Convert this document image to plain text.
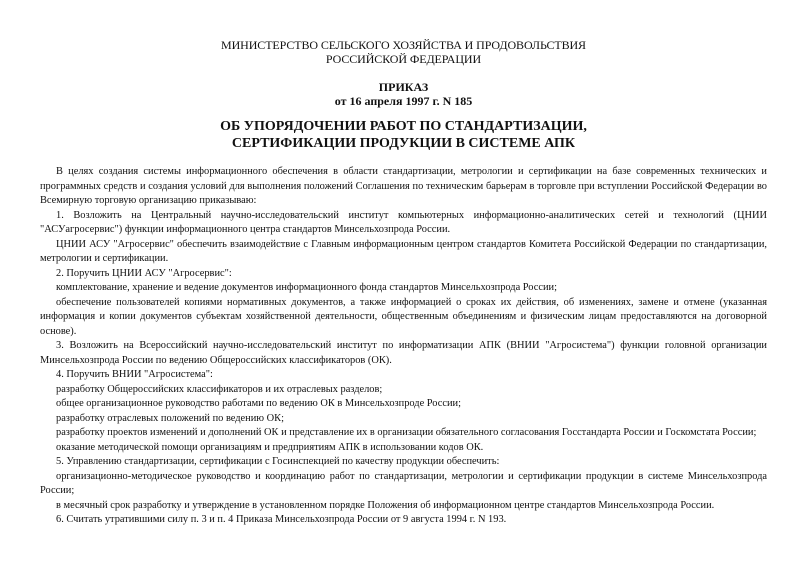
МИНИСТЕРСТВО СЕЛЬСКОГО ХОЗЯЙСТВА И ПРОДОВОЛЬСТВИЯ
РОССИЙСКОЙ ФЕДЕРАЦИИ
ПРИКАЗ
от 16 апреля 1997 г. N 185
ОБ УПОРЯДОЧЕНИИ РАБОТ ПО СТАНДАРТИЗАЦИИ,
СЕРТИФИКАЦИИ ПРОДУКЦИИ В СИСТЕМЕ АПК

В целях создания системы информационного обеспечения в области стандартизации, метрологии и сертификации на базе современных технических и программных средств и создания условий для выполнения положений Соглашения по техническим барьерам в торговле при вступлении Российской Федерации во Всемирную торговую организацию приказываю:

1. Возложить на Центральный научно-исследовательский институт компьютерных информационно-аналитических сетей и технологий (ЦНИИ "АСУагросервис") функции информационного центра стандартов Минсельхозпрода России.

ЦНИИ АСУ "Агросервис" обеспечить взаимодействие с Главным информационным центром стандартов Комитета Российской Федерации по стандартизации, метрологии и сертификации.

2. Поручить ЦНИИ АСУ "Агросервис":

комплектование, хранение и ведение документов информационного фонда стандартов Минсельхозпрода России;

обеспечение пользователей копиями нормативных документов, а также информацией о сроках их действия, об изменениях, замене и отмене (указанная информация и копии документов субъектам хозяйственной деятельности, общественным объединениям и физическим лицам предоставляются на договорной основе).

3. Возложить на Всероссийский научно-исследовательский институт по информатизации АПК (ВНИИ "Агросистема") функции головной организации Минсельхозпрода России по ведению Общероссийских классификаторов (ОК).

4. Поручить ВНИИ "Агросистема":

разработку Общероссийских классификаторов и их отраслевых разделов;

общее организационное руководство работами по ведению ОК в Минсельхозпроде России;

разработку отраслевых положений по ведению ОК;

разработку проектов изменений и дополнений ОК и представление их в организации обязательного согласования Госстандарта России и Госкомстата России;

оказание методической помощи организациям и предприятиям АПК в использовании кодов ОК.

5. Управлению стандартизации, сертификации с Госинспекцией по качеству продукции обеспечить:

организационно-методическое руководство и координацию работ по стандартизации, метрологии и сертификации продукции в системе Минсельхозпрода России;

в месячный срок разработку и утверждение в установленном порядке Положения об информационном центре стандартов Минсельхозпрода России.

6. Считать утратившими силу п. 3 и п. 4 Приказа Минсельхозпрода России от 9 августа 1994 г. N 193.
